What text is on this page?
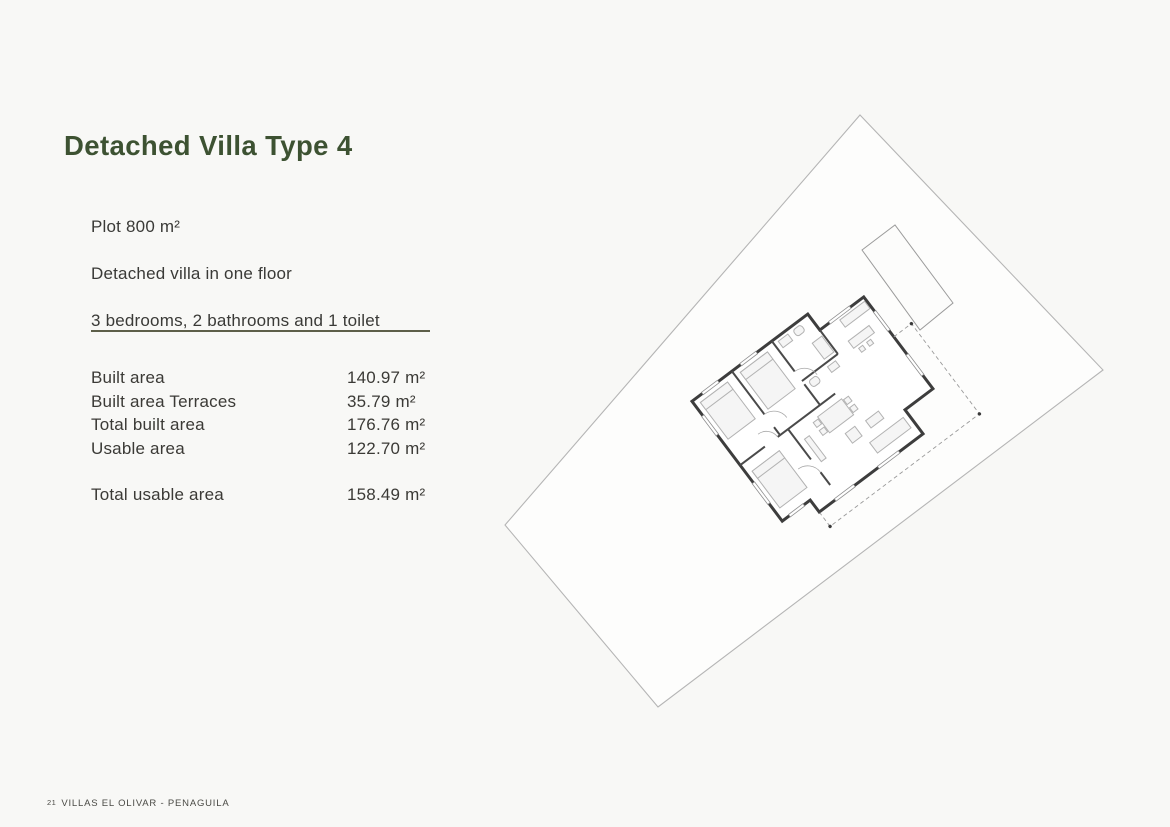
Detached Villa Type 4

Plot 800 m²

Detached villa in one floor

3 bedrooms, 2 bathrooms and 1 toilet

Built area	140.97 m²
Built area Terraces	35.79 m²
Total built area	176.76 m²
Usable area	122.70 m²
Total usable area	158.49 m²
21 VILLAS EL OLIVAR - PENAGUILA
